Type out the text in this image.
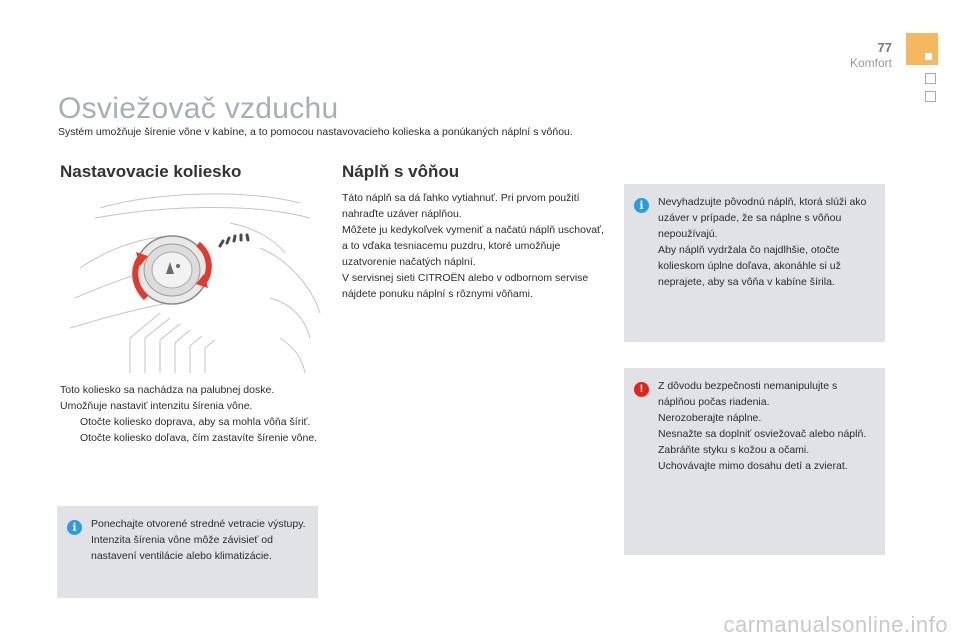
77
Komfort
Osviežovač vzduchu
Systém umožňuje šírenie vône v kabíne, a to pomocou nastavovacieho kolieska a ponúkaných náplní s vôňou.
Nastavovacie koliesko

Toto koliesko sa nachádza na palubnej doske.

Umožňuje nastaviť intenzitu šírenia vône.

Otočte koliesko doprava, aby sa mohla vôňa šíriť.
Otočte koliesko doľava, čím zastavíte šírenie vône.
i	Ponechajte otvorené stredné vetracie výstupy.

Intenzita šírenia vône môže závisieť od nastavení ventilácie alebo klimatizácie.

Náplň s vôňou

Táto náplň sa dá ľahko vytiahnuť. Pri prvom použití nahraďte uzáver náplňou.

Môžete ju kedykoľvek vymeniť a načatú náplň uschovať, a to vďaka tesniacemu puzdru, ktoré umožňuje uzatvorenie načatých náplní.

V servisnej sieti CITROËN alebo v odbornom servise nájdete ponuku náplní s rôznymi vôňami.

i	Nevyhadzujte pôvodnú náplň, ktorá slúži ako uzáver v prípade, že sa náplne s vôňou nepoužívajú.

Aby náplň vydržala čo najdlhšie, otočte kolieskom úplne doľava, akonáhle si už neprajete, aby sa vôňa v kabíne šírila.

!	Z dôvodu bezpečnosti nemanipulujte s náplňou počas riadenia.

Nerozoberajte náplne.

Nesnažte sa doplniť osviežovač alebo náplň.

Zabráňte styku s kožou a očami.

Uchovávajte mimo dosahu detí a zvierat.

carmanualsonline.info
